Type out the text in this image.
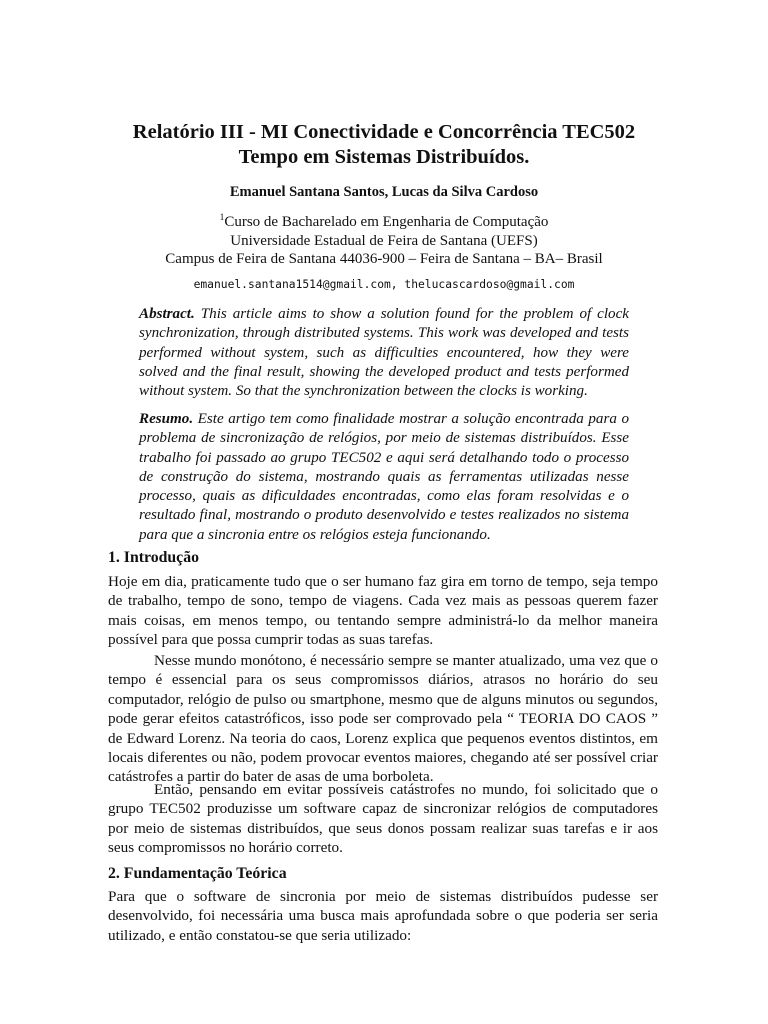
Relatório III - MI Conectividade e Concorrência TEC502
Tempo em Sistemas Distribuídos.
Emanuel Santana Santos, Lucas da Silva Cardoso
$^1$Curso de Bacharelado em Engenharia de Computação
Universidade Estadual de Feira de Santana (UEFS)
Campus de Feira de Santana 44036-900 – Feira de Santana – BA– Brasil
emanuel.santana1514@gmail.com, thelucascardoso@gmail.com

Abstract. This article aims to show a solution found for the problem of clock synchronization, through distributed systems. This work was developed and tests performed without system, such as difficulties encountered, how they were solved and the final result, showing the developed product and tests performed without system. So that the synchronization between the clocks is working.

Resumo. Este artigo tem como finalidade mostrar a solução encontrada para o problema de sincronização de relógios, por meio de sistemas distribuídos. Esse trabalho foi passado ao grupo TEC502 e aqui será detalhando todo o processo de construção do sistema, mostrando quais as ferramentas utilizadas nesse processo, quais as dificuldades encontradas, como elas foram resolvidas e o resultado final, mostrando o produto desenvolvido e testes realizados no sistema para que a sincronia entre os relógios esteja funcionando.

1. Introdução

Hoje em dia, praticamente tudo que o ser humano faz gira em torno de tempo, seja tempo de trabalho, tempo de sono, tempo de viagens. Cada vez mais as pessoas querem fazer mais coisas, em menos tempo, ou tentando sempre administrá-lo da melhor maneira possível para que possa cumprir todas as suas tarefas.

Nesse mundo monótono, é necessário sempre se manter atualizado, uma vez que o tempo é essencial para os seus compromissos diários, atrasos no horário do seu computador, relógio de pulso ou smartphone, mesmo que de alguns minutos ou segundos, pode gerar efeitos catastróficos, isso pode ser comprovado pela “ TEORIA DO CAOS ” de Edward Lorenz. Na teoria do caos, Lorenz explica que pequenos eventos distintos, em locais diferentes ou não, podem provocar eventos maiores, chegando até ser possível criar catástrofes a partir do bater de asas de uma borboleta.

Então, pensando em evitar possíveis catástrofes no mundo, foi solicitado que o grupo TEC502 produzisse um software capaz de sincronizar relógios de computadores por meio de sistemas distribuídos, que seus donos possam realizar suas tarefas e ir aos seus compromissos no horário correto.

2. Fundamentação Teórica

Para que o software de sincronia por meio de sistemas distribuídos pudesse ser desenvolvido, foi necessária uma busca mais aprofundada sobre o que poderia ser seria utilizado, e então constatou-se que seria utilizado:
